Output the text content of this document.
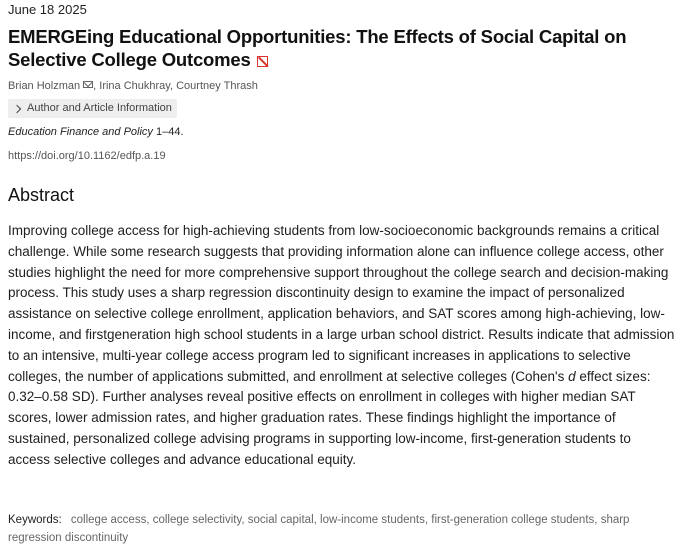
June 18 2025
EMERGEing Educational Opportunities: The Effects of Social Capital on Selective College Outcomes
Brian Holzman , Irina Chukhray, Courtney Thrash
Author and Article Information
Education Finance and Policy 1–44.
https://doi.org/10.1162/edfp.a.19
Abstract

Improving college access for high-achieving students from low-socioeconomic backgrounds remains a critical challenge. While some research suggests that providing information alone can influence college access, other studies highlight the need for more comprehensive support throughout the college search and decision-making process. This study uses a sharp regression discontinuity design to examine the impact of personalized assistance on selective college enrollment, application behaviors, and SAT scores among high-achieving, low-income, and firstgeneration high school students in a large urban school district. Results indicate that admission to an intensive, multi-year college access program led to significant increases in applications to selective colleges, the number of applications submitted, and enrollment at selective colleges (Cohen's d effect sizes: 0.32–0.58 SD). Further analyses reveal positive effects on enrollment in colleges with higher median SAT scores, lower admission rates, and higher graduation rates. These findings highlight the importance of sustained, personalized college advising programs in supporting low-income, first-generation students to access selective colleges and advance educational equity.

Keywords: college access, college selectivity, social capital, low-income students, first-generation college students, sharp regression discontinuity
